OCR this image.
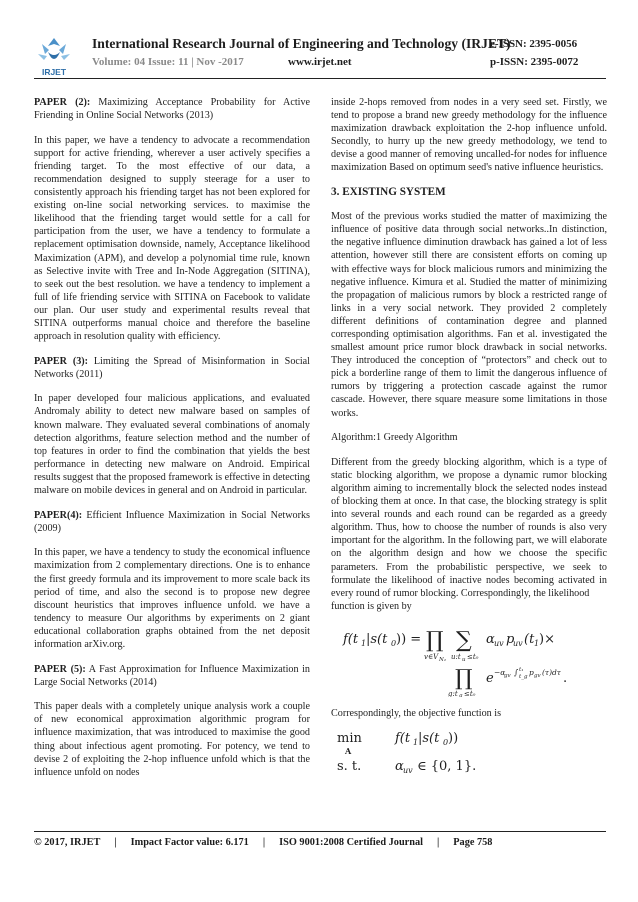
IRJET
International Research Journal of Engineering and Technology (IRJET)
e-ISSN: 2395-0056
Volume: 04 Issue: 11 | Nov -2017	www.irjet.net	p-ISSN: 2395-0072

PAPER (2): Maximizing Acceptance Probability for Active Friending in Online Social Networks (2013)

In this paper, we have a tendency to advocate a recommendation support for active friending, wherever a user actively specifies a friending target. To the most effective of our data, a recommendation designed to supply steerage for a user to consistently approach his friending target has not been explored for existing on-line social networking services. to maximise the likelihood that the friending target would settle for a call for participation from the user, we have a tendency to formulate a replacement optimisation downside, namely, Acceptance likelihood Maximization (APM), and develop a polynomial time rule, known as Selective invite with Tree and In-Node Aggregation (SITINA), to seek out the best resolution. we have a tendency to implement a full of life friending service with SITINA on Facebook to validate our plan. Our user study and experimental results reveal that SITINA outperforms manual choice and therefore the baseline approach in resolution quality with efficiency.

PAPER (3): Limiting the Spread of Misinformation in Social Networks (2011)

In paper developed four malicious applications, and evaluated Andromaly ability to detect new malware based on samples of known malware. They evaluated several combinations of anomaly detection algorithms, feature selection method and the number of top features in order to find the combination that yields the best performance in detecting new malware on Android. Empirical results suggest that the proposed framework is effective in detecting malware on mobile devices in general and on Android in particular.

PAPER(4): Efficient Influence Maximization in Social Networks (2009)

In this paper, we have a tendency to study the economical influence maximization from 2 complementary directions. One is to enhance the first greedy formula and its improvement to more scale back its period of time, and also the second is to propose new degree discount heuristics that improves influence unfold. we have a tendency to measure Our algorithms by experiments on 2 giant educational collaboration graphs obtained from the net deposit information arXiv.org.

PAPER (5): A Fast Approximation for Influence Maximization in Large Social Networks (2014)

This paper deals with a completely unique analysis work a couple of new economical approximation algorithmic program for influence maximization, that was introduced to maximise the good thing about infectious agent promoting. For potency, we tend to devise 2 of exploiting the 2-hop influence unfold which is that the influence unfold on nodes

inside 2-hops removed from nodes in a very seed set. Firstly, we tend to propose a brand new greedy methodology for the influence maximization drawback exploitation the 2-hop influence unfold. Secondly, to hurry up the new greedy methodology, we tend to devise a good manner of removing uncalled-for nodes for influence maximization Based on optimum seed's native influence heuristics.

3. EXISTING SYSTEM

Most of the previous works studied the matter of maximizing the influence of positive data through social networks..In distinction, the negative influence diminution drawback has gained a lot of less attention, however still there are consistent efforts on coming up with effective ways for block malicious rumors and minimizing the negative influence. Kimura et al. Studied the matter of minimizing the propagation of malicious rumors by block a restricted range of links in a very social network. They provided 2 completely different definitions of contamination degree and planned corresponding optimisation algorithms. Fan et al. investigated the smallest amount price rumor block drawback in social networks. They introduced the conception of “protectors” and check out to pick a borderline range of them to limit the dangerous influence of rumors by triggering a protection cascade against the rumor cascade. However, there square measure some limitations in those works.

Algorithm:1 Greedy Algorithm

Different from the greedy blocking algorithm, which is a type of static blocking algorithm, we propose a dynamic rumor blocking algorithm aiming to incrementally block the selected nodes instead of blocking them at once. In that case, the blocking strategy is split into several rounds and each round can be regarded as a greedy algorithm. Thus, how to choose the number of rounds is also very important for the algorithm. In the following part, we will elaborate on the algorithm design and how we choose the specific parameters. From the probabilistic perspective, we seek to formulate the likelihood of inactive nodes becoming activated in every round of rumor blocking. Correspondingly, the likelihood

function is given by

f(t 1 |s(t 0 )) = ∏
v∈V N₂
∑
u:t u ≤t₀
α uv p
uv (t 1 )×
∏
g:t g ≤t₀
e −α
gv ∫ t₁
t_g p gv (τ)dτ .

Correspondingly, the objective function is

min
A
f(t 1 |s(t 0 ))
s. t.	α uv ∈ {0, 1}.
© 2017, IRJET | Impact Factor value: 6.171 | ISO 9001:2008 Certified Journal | Page 758
